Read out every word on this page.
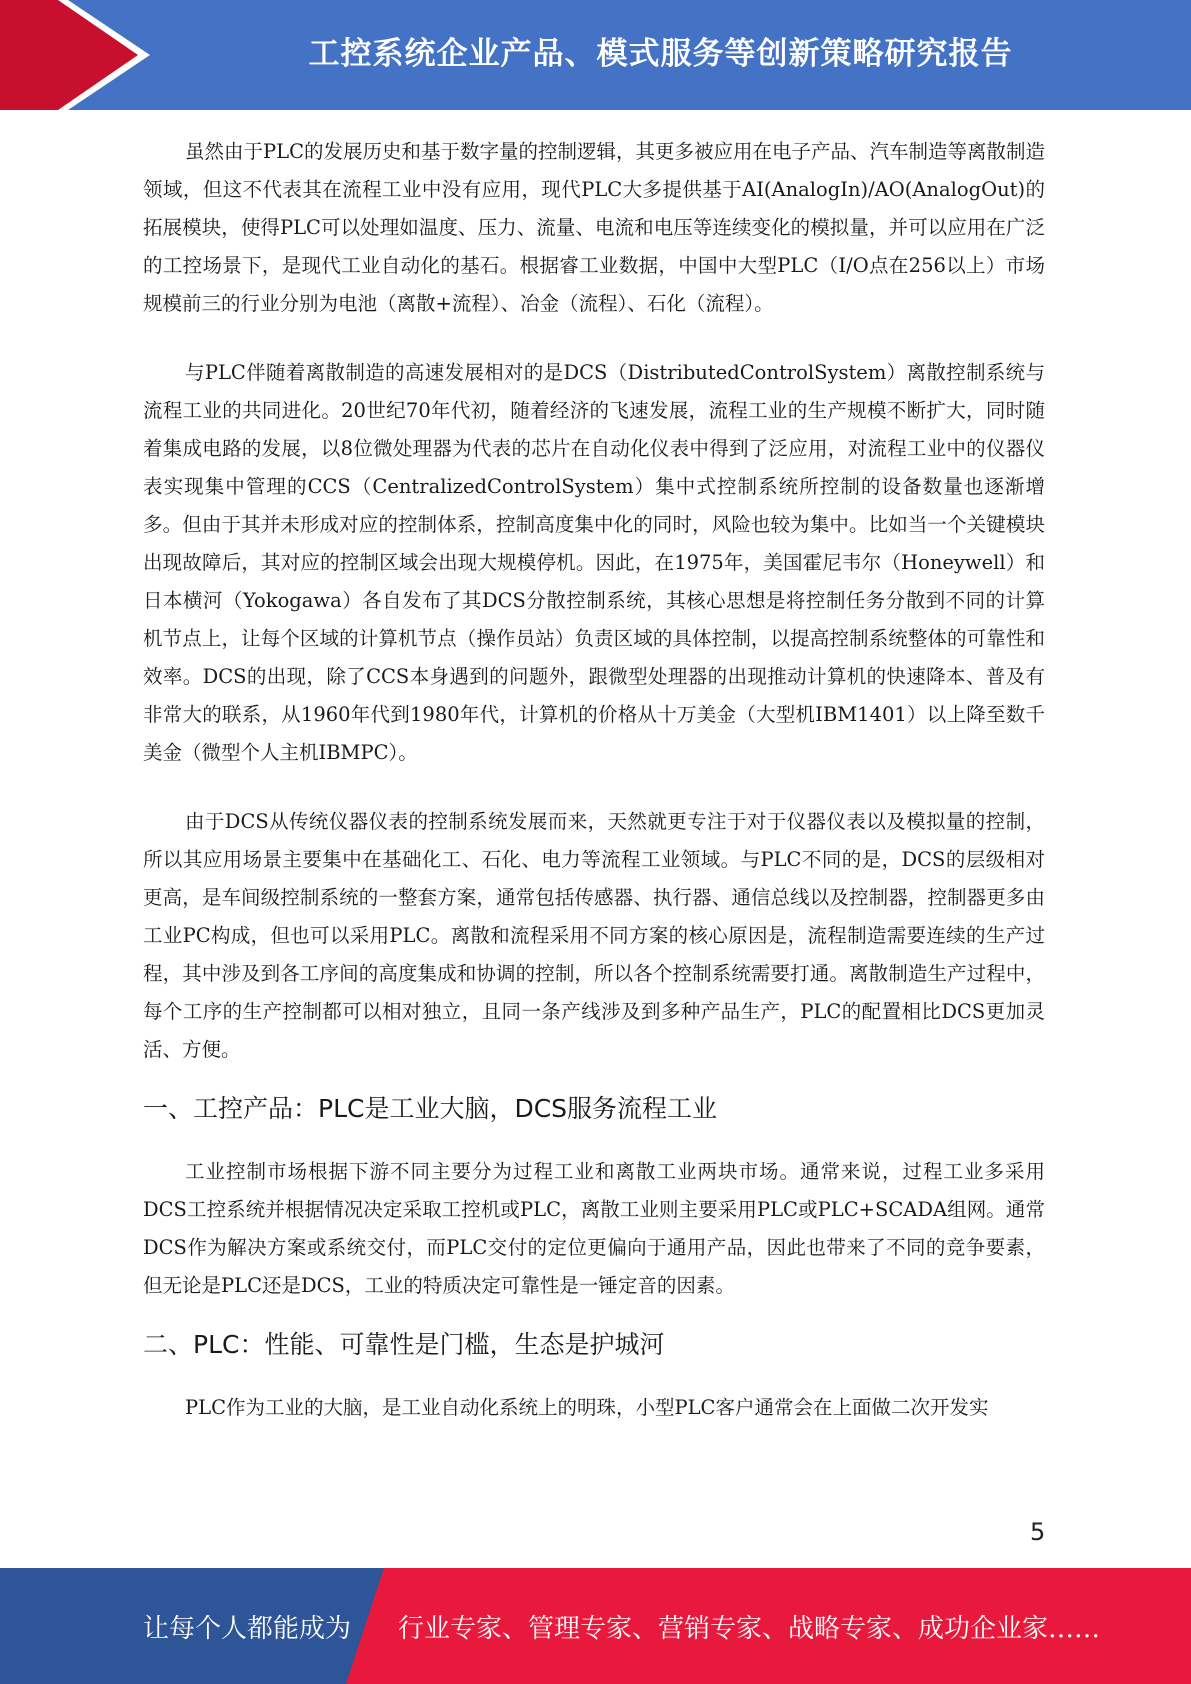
工控系统企业产品、模式服务等创新策略研究报告

虽然由于PLC的发展历史和基于数字量的控制逻辑，其更多被应用在电子产品、汽车制造等离散制造领域，但这不代表其在流程工业中没有应用，现代PLC大多提供基于AI(AnalogIn)/AO(AnalogOut)的拓展模块，使得PLC可以处理如温度、压力、流量、电流和电压等连续变化的模拟量，并可以应用在广泛的工控场景下，是现代工业自动化的基石。根据睿工业数据，中国中大型PLC（I/O点在256以上）市场规模前三的行业分别为电池（离散+流程）、冶金（流程）、石化（流程）。

与PLC伴随着离散制造的高速发展相对的是DCS（DistributedControlSystem）离散控制系统与流程工业的共同进化。20世纪70年代初，随着经济的飞速发展，流程工业的生产规模不断扩大，同时随着集成电路的发展，以8位微处理器为代表的芯片在自动化仪表中得到了泛应用，对流程工业中的仪器仪表实现集中管理的CCS（CentralizedControlSystem）集中式控制系统所控制的设备数量也逐渐增多。但由于其并未形成对应的控制体系，控制高度集中化的同时，风险也较为集中。比如当一个关键模块出现故障后，其对应的控制区域会出现大规模停机。因此，在1975年，美国霍尼韦尔（Honeywell）和日本横河（Yokogawa）各自发布了其DCS分散控制系统，其核心思想是将控制任务分散到不同的计算机节点上，让每个区域的计算机节点（操作员站）负责区域的具体控制，以提高控制系统整体的可靠性和效率。DCS的出现，除了CCS本身遇到的问题外，跟微型处理器的出现推动计算机的快速降本、普及有非常大的联系，从1960年代到1980年代，计算机的价格从十万美金（大型机IBM1401）以上降至数千美金（微型个人主机IBMPC）。

由于DCS从传统仪器仪表的控制系统发展而来，天然就更专注于对于仪器仪表以及模拟量的控制，所以其应用场景主要集中在基础化工、石化、电力等流程工业领域。与PLC不同的是，DCS的层级相对更高，是车间级控制系统的一整套方案，通常包括传感器、执行器、通信总线以及控制器，控制器更多由工业PC构成，但也可以采用PLC。离散和流程采用不同方案的核心原因是，流程制造需要连续的生产过程，其中涉及到各工序间的高度集成和协调的控制，所以各个控制系统需要打通。离散制造生产过程中，每个工序的生产控制都可以相对独立，且同一条产线涉及到多种产品生产，PLC的配置相比DCS更加灵活、方便。

一、工控产品：PLC是工业大脑，DCS服务流程工业

工业控制市场根据下游不同主要分为过程工业和离散工业两块市场。通常来说，过程工业多采用DCS工控系统并根据情况决定采取工控机或PLC，离散工业则主要采用PLC或PLC+SCADA组网。通常DCS作为解决方案或系统交付，而PLC交付的定位更偏向于通用产品，因此也带来了不同的竞争要素，但无论是PLC还是DCS，工业的特质决定可靠性是一锤定音的因素。

二、PLC：性能、可靠性是门槛，生态是护城河

PLC作为工业的大脑，是工业自动化系统上的明珠，小型PLC客户通常会在上面做二次开发实

5
让每个人都能成为 行业专家、管理专家、营销专家、战略专家、成功企业家……
